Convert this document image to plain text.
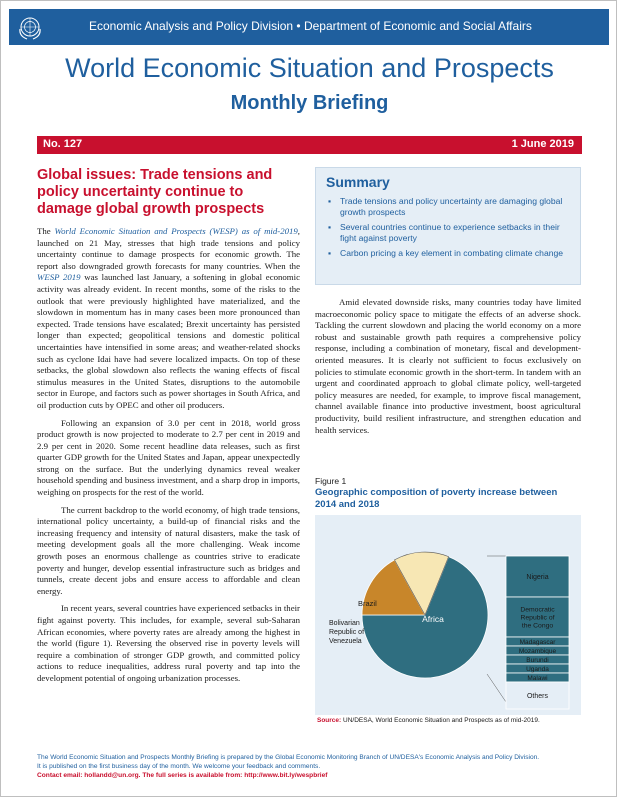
Economic Analysis and Policy Division • Department of Economic and Social Affairs
World Economic Situation and Prospects
Monthly Briefing
No. 127	1 June 2019
Global issues: Trade tensions and policy uncertainty continue to damage global growth prospects

The World Economic Situation and Prospects (WESP) as of mid-2019, launched on 21 May, stresses that high trade tensions and policy uncertainty continue to damage prospects for economic growth. The report also downgraded growth forecasts for many countries. When the WESP 2019 was launched last January, a softening in global economic activity was already evident. In recent months, some of the risks to the outlook that were previously highlighted have materialized, and the slowdown in momentum has in many cases been more pronounced than expected. Trade tensions have escalated; Brexit uncertainty has persisted longer than expected; geopolitical tensions and domestic political uncertainties have intensified in some areas; and weather-related shocks such as cyclone Idai have had severe localized impacts. On top of these setbacks, the global slowdown also reflects the waning effects of fiscal stimulus measures in the United States, disruptions to the automobile sector in Europe, and factors such as power shortages in South Africa, and oil production cuts by OPEC and other oil producers.

Following an expansion of 3.0 per cent in 2018, world gross product growth is now projected to moderate to 2.7 per cent in 2019 and 2.9 per cent in 2020. Some recent headline data releases, such as first quarter GDP growth for the United States and Japan, appear unexpectedly strong on the surface. But the underlying dynamics reveal weaker household spending and business investment, and a sharp drop in imports, weighing on prospects for the rest of the world.

The current backdrop to the world economy, of high trade tensions, international policy uncertainty, a build-up of financial risks and the increasing frequency and intensity of natural disasters, make the task of meeting development goals all the more challenging. Weak income growth poses an enormous challenge as countries strive to eradicate poverty and hunger, develop essential infrastructure such as bridges and tunnels, create decent jobs and ensure access to affordable and clean energy.

In recent years, several countries have experienced setbacks in their fight against poverty. This includes, for example, several sub-Saharan African economies, where poverty rates are already among the highest in the world (figure 1). Reversing the observed rise in poverty levels will require a combination of stronger GDP growth, and committed policy actions to reduce inequalities, address rural poverty and tap into the development potential of ongoing urbanization processes.

Summary
▪ Trade tensions and policy uncertainty are damaging global growth prospects
▪ Several countries continue to experience setbacks in their fight against poverty
▪ Carbon pricing a key element in combating climate change

Amid elevated downside risks, many countries today have limited macroeconomic policy space to mitigate the effects of an adverse shock. Tackling the current slowdown and placing the world economy on a more robust and sustainable growth path requires a comprehensive policy response, including a combination of monetary, fiscal and development-oriented measures. It is clearly not sufficient to focus exclusively on policies to stimulate economic growth in the short-term. In tandem with an urgent and coordinated approach to global climate policy, well-targeted policy measures are needed, for example, to improve fiscal management, channel available finance into productive investment, boost agricultural productivity, build resilient infrastructure, and strengthen education and health services.

Figure 1
Geographic composition of poverty increase between 2014 and 2018
Nigeria
Democratic Republic of the Congo
Madagascar
Mozambique
Burundi
Uganda
Malawi
Others
Africa
Brazil
Bolivarian Republic of Venezuela
Source: UN/DESA, World Economic Situation and Prospects as of mid-2019.
The World Economic Situation and Prospects Monthly Briefing is prepared by the Global Economic Monitoring Branch of UN/DESA's Economic Analysis and Policy Division.
It is published on the first business day of the month. We welcome your feedback and comments.
Contact email: hollandd@un.org. The full series is available from: http://www.bit.ly/wespbrief
